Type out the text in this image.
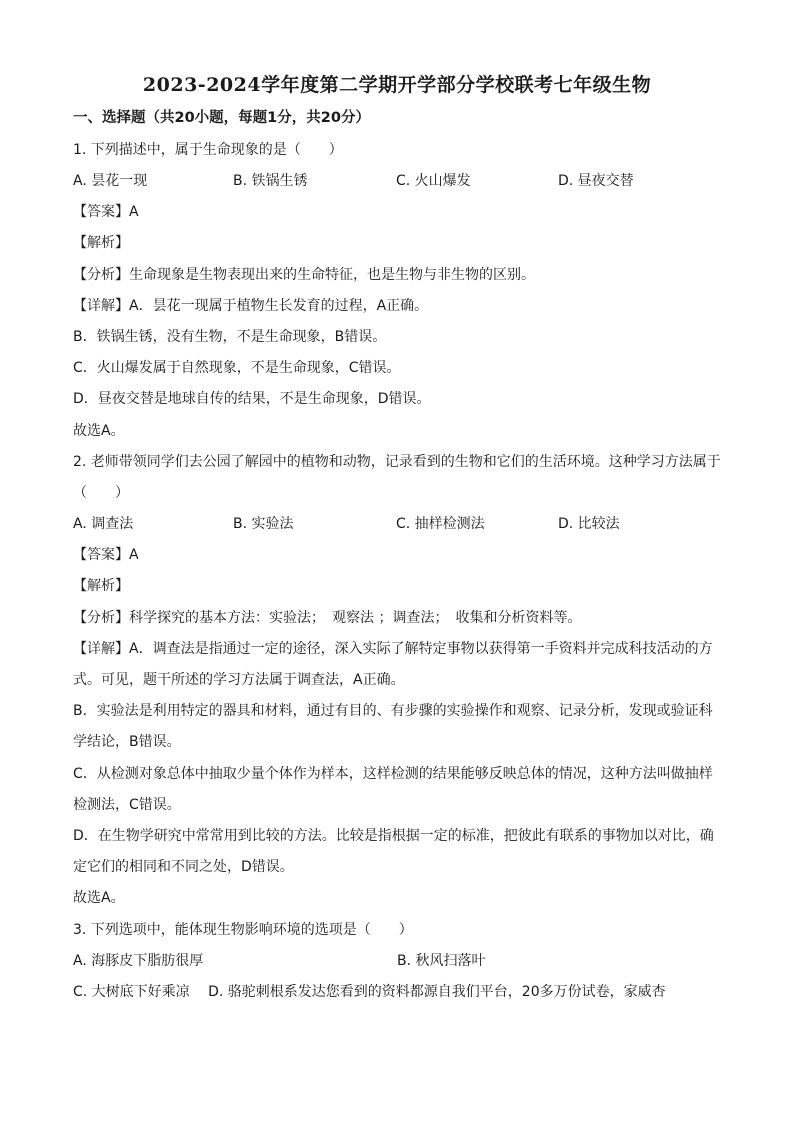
2023-2024学年度第二学期开学部分学校联考七年级生物
一、选择题（共20小题，每题1分，共20分）
1. 下列描述中，属于生命现象的是（　　）
A. 昙花一现	B. 铁锅生锈	C. 火山爆发	D. 昼夜交替
【答案】A
【解析】
【分析】生命现象是生物表现出来的生命特征，也是生物与非生物的区别。
【详解】A．昙花一现属于植物生长发育的过程，A正确。
B．铁锅生锈，没有生物，不是生命现象，B错误。
C．火山爆发属于自然现象，不是生命现象，C错误。
D．昼夜交替是地球自传的结果，不是生命现象，D错误。
故选A。
2. 老师带领同学们去公园了解园中的植物和动物，记录看到的生物和它们的生活环境。这种学习方法属于
（　　）
A. 调查法	B. 实验法	C. 抽样检测法	D. 比较法
【答案】A
【解析】
【分析】科学探究的基本方法：实验法；　观察法 ；调查法；　收集和分析资料等。
【详解】A．调查法是指通过一定的途径，深入实际了解特定事物以获得第一手资料并完成科技活动的方
式。可见，题干所述的学习方法属于调查法，A正确。
B．实验法是利用特定的器具和材料，通过有目的、有步骤的实验操作和观察、记录分析，发现或验证科
学结论，B错误。
C．从检测对象总体中抽取少量个体作为样本，这样检测的结果能够反映总体的情况，这种方法叫做抽样
检测法，C错误。
D．在生物学研究中常常用到比较的方法。比较是指根据一定的标准，把彼此有联系的事物加以对比，确
定它们的相同和不同之处，D错误。
故选A。
3. 下列选项中，能体现生物影响环境的选项是（　　）
A. 海豚皮下脂肪很厚	B. 秋风扫落叶
C. 大树底下好乘凉　 D. 骆驼刺根系发达您看到的资料都源自我们平台，20多万份试卷，家威杏
